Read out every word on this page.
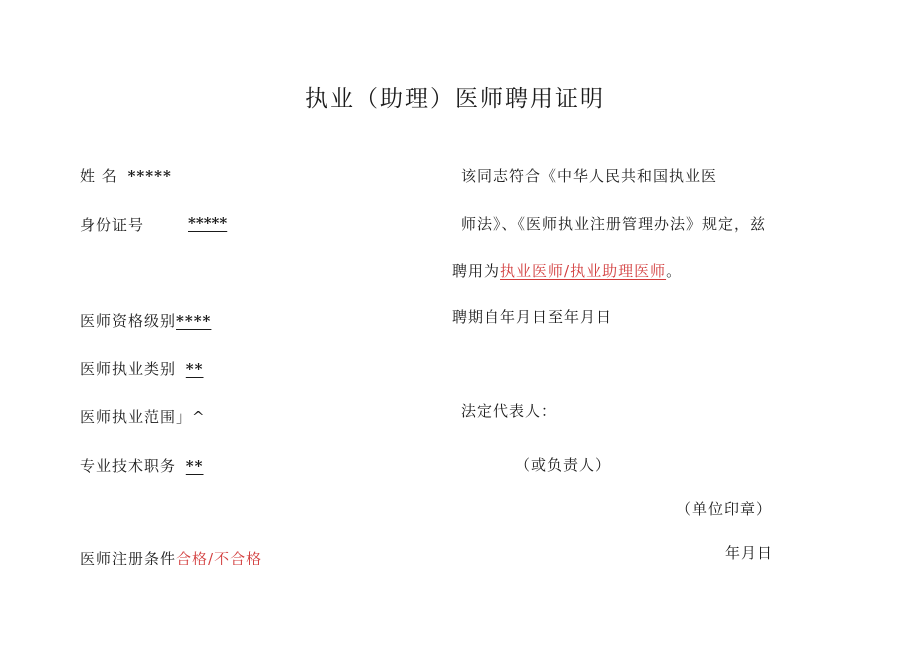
执业（助理）医师聘用证明
姓 名 *****
身份证号	*****
医师资格级别****
医师执业类别 **
医师执业范围」^
专业技术职务 **
医师注册条件合格/不合格
该同志符合《中华人民共和国执业医
师法》、《医师执业注册管理办法》规定，兹
聘用为执业医师/执业助理医师。
聘期自年月日至年月日
法定代表人：
（或负责人）
（单位印章）
年月日
